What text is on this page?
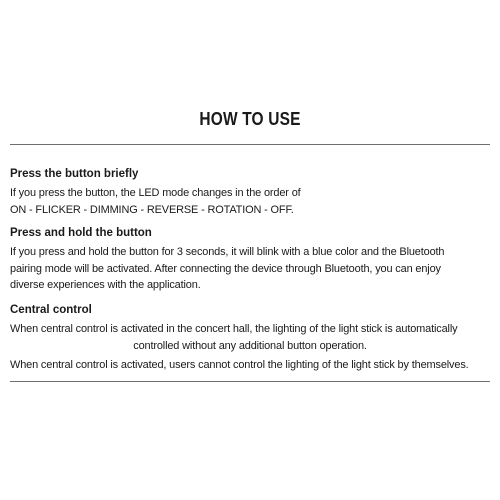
HOW TO USE
Press the button briefly
If you press the button, the LED mode changes in the order of
ON - FLICKER - DIMMING - REVERSE - ROTATION - OFF.
Press and hold the button
If you press and hold the button for 3 seconds, it will blink with a blue color and the Bluetooth
pairing mode will be activated. After connecting the device through Bluetooth, you can enjoy
diverse experiences with the application.
Central control
When central control is activated in the concert hall, the lighting of the light stick is automatically
controlled without any additional button operation.
When central control is activated, users cannot control the lighting of the light stick by themselves.
